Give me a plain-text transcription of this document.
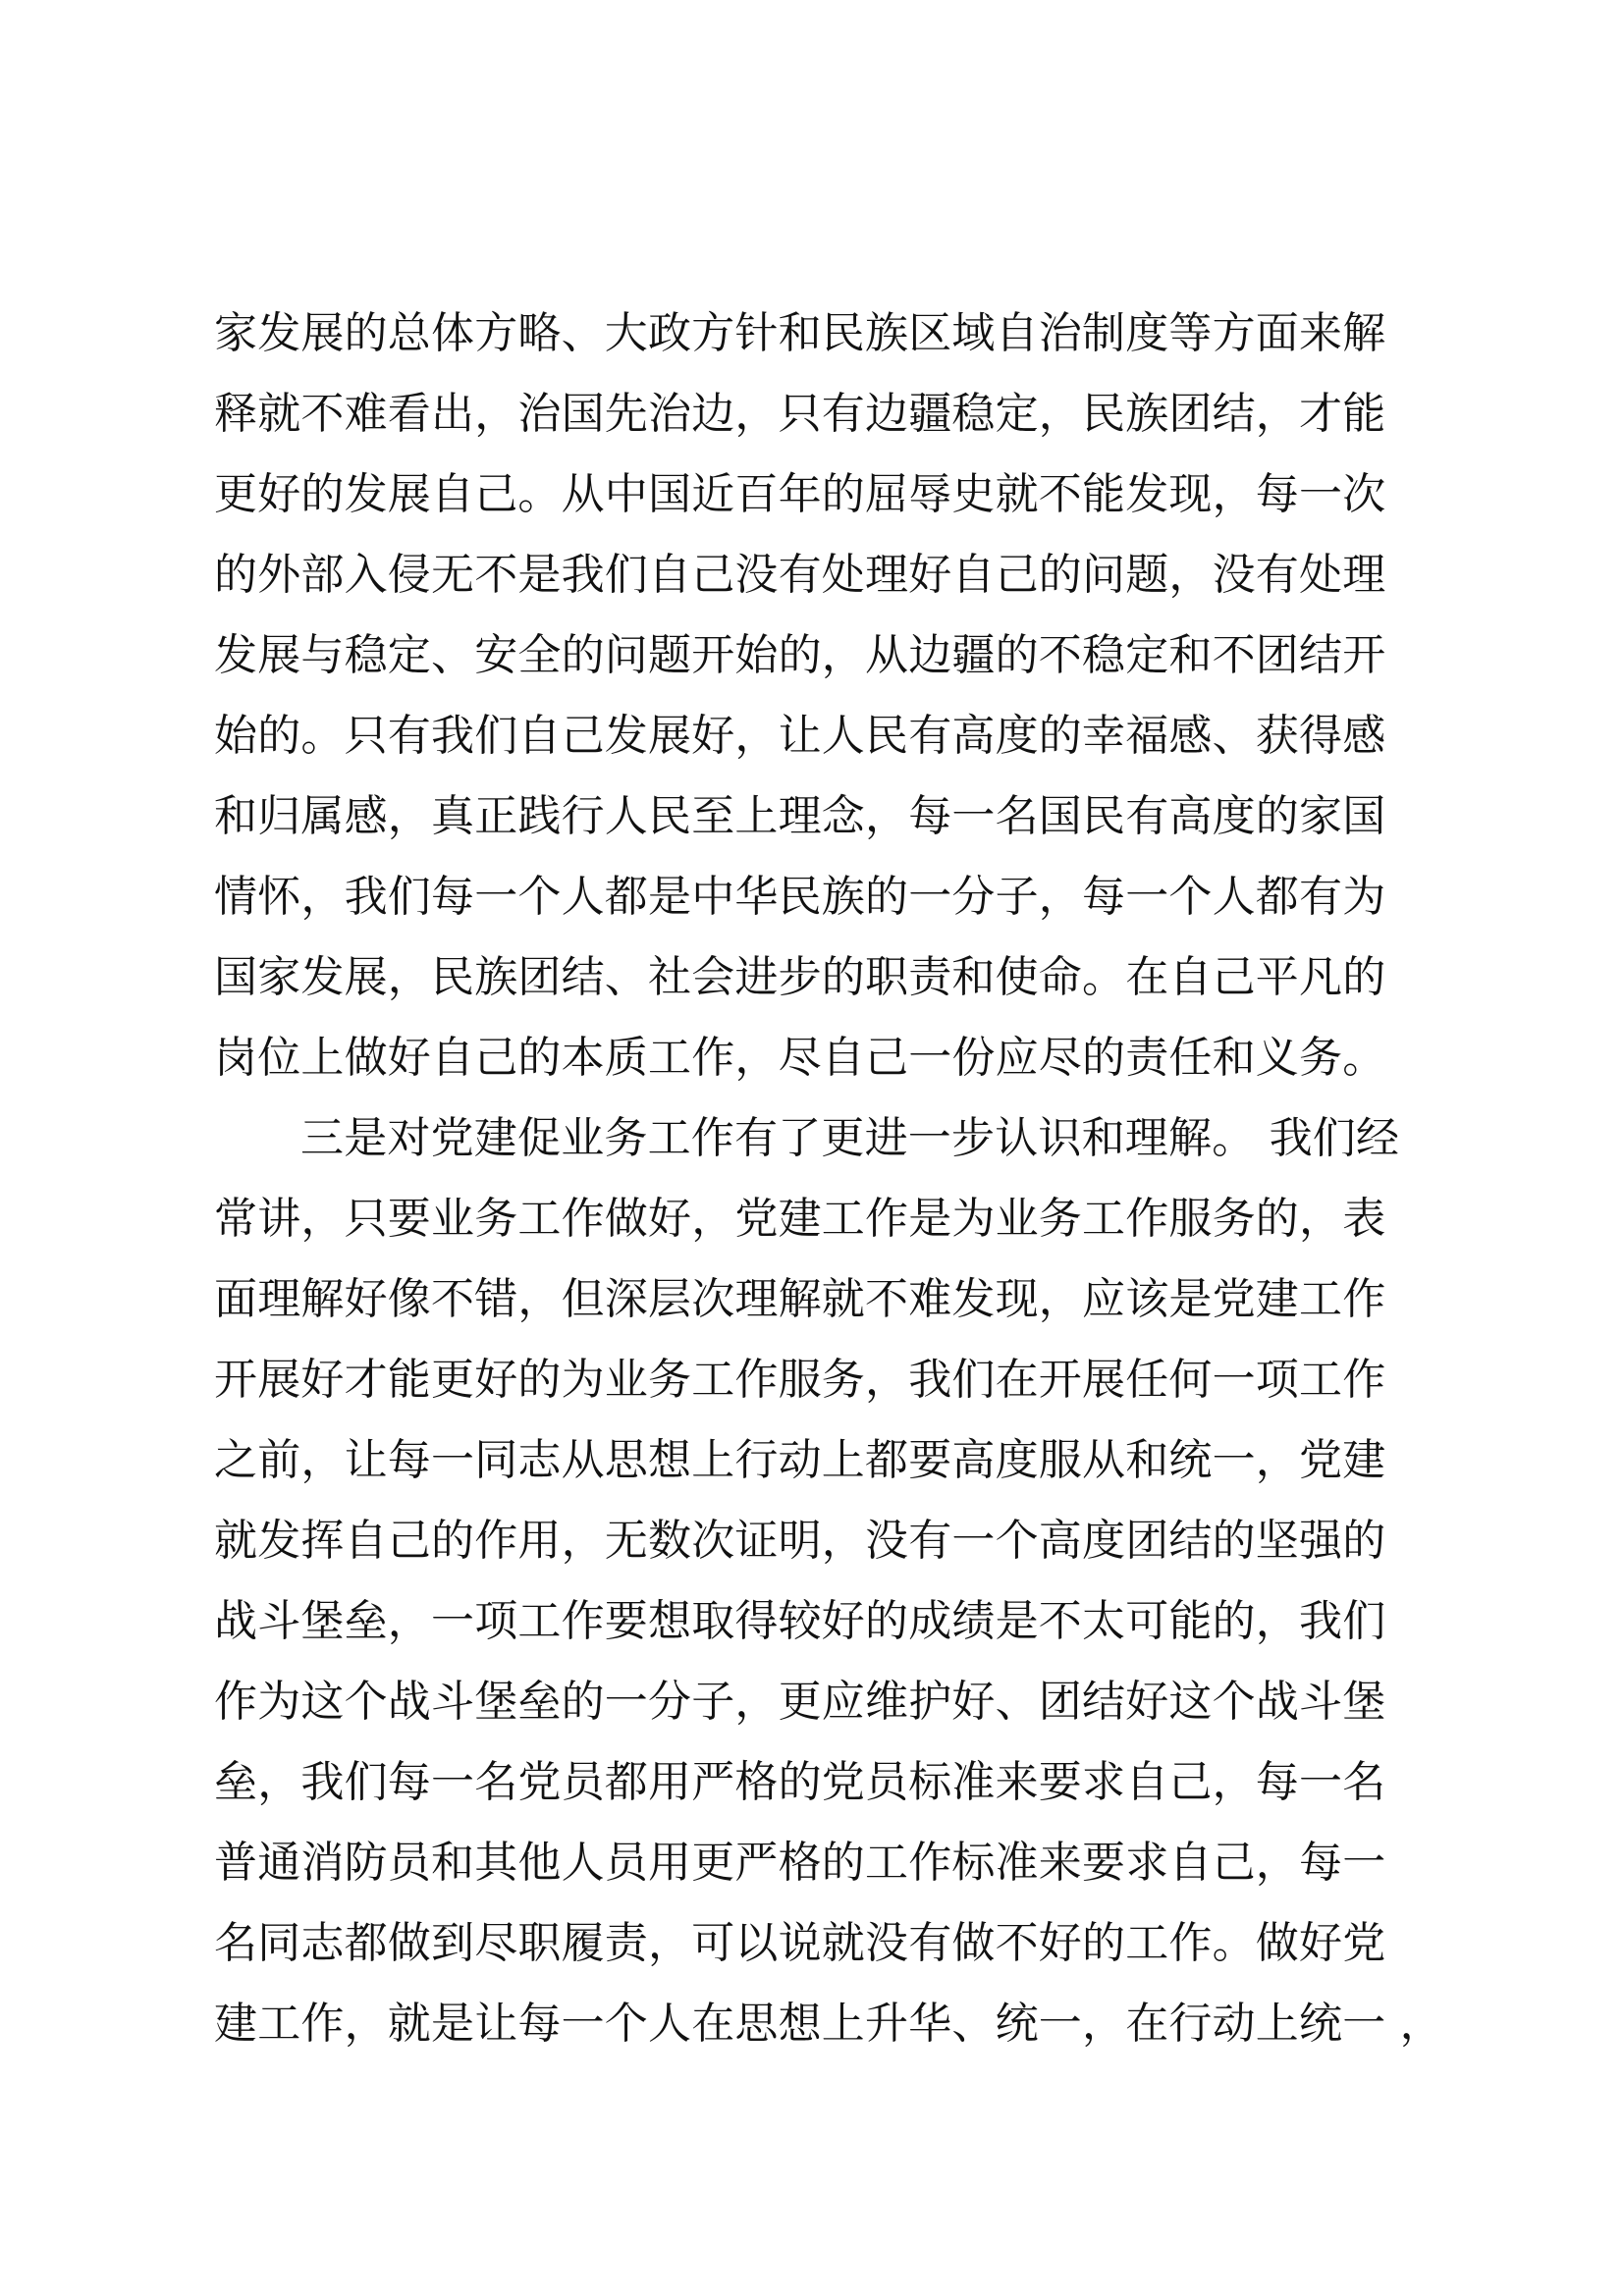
家发展的总体方略、大政方针和民族区域自治制度等方面来解
释就不难看出，治国先治边，只有边疆稳定，民族团结，才能
更好的发展自己。从中国近百年的屈辱史就不能发现，每一次
的外部入侵无不是我们自己没有处理好自己的问题，没有处理
发展与稳定、安全的问题开始的，从边疆的不稳定和不团结开
始的。只有我们自己发展好，让人民有高度的幸福感、获得感
和归属感，真正践行人民至上理念，每一名国民有高度的家国
情怀，我们每一个人都是中华民族的一分子，每一个人都有为
国家发展，民族团结、社会进步的职责和使命。在自己平凡的
岗位上做好自己的本质工作，尽自己一份应尽的责任和义务。
三是对党建促业务工作有了更进一步认识和理解。 我们经
常讲，只要业务工作做好，党建工作是为业务工作服务的，表
面理解好像不错，但深层次理解就不难发现，应该是党建工作
开展好才能更好的为业务工作服务，我们在开展任何一项工作
之前，让每一同志从思想上行动上都要高度服从和统一，党建
就发挥自己的作用，无数次证明，没有一个高度团结的坚强的
战斗堡垒，一项工作要想取得较好的成绩是不太可能的，我们
作为这个战斗堡垒的一分子，更应维护好、团结好这个战斗堡
垒，我们每一名党员都用严格的党员标准来要求自己，每一名
普通消防员和其他人员用更严格的工作标准来要求自己，每一
名同志都做到尽职履责，可以说就没有做不好的工作。做好党
建工作，就是让每一个人在思想上升华、统一，在行动上统一 ，
